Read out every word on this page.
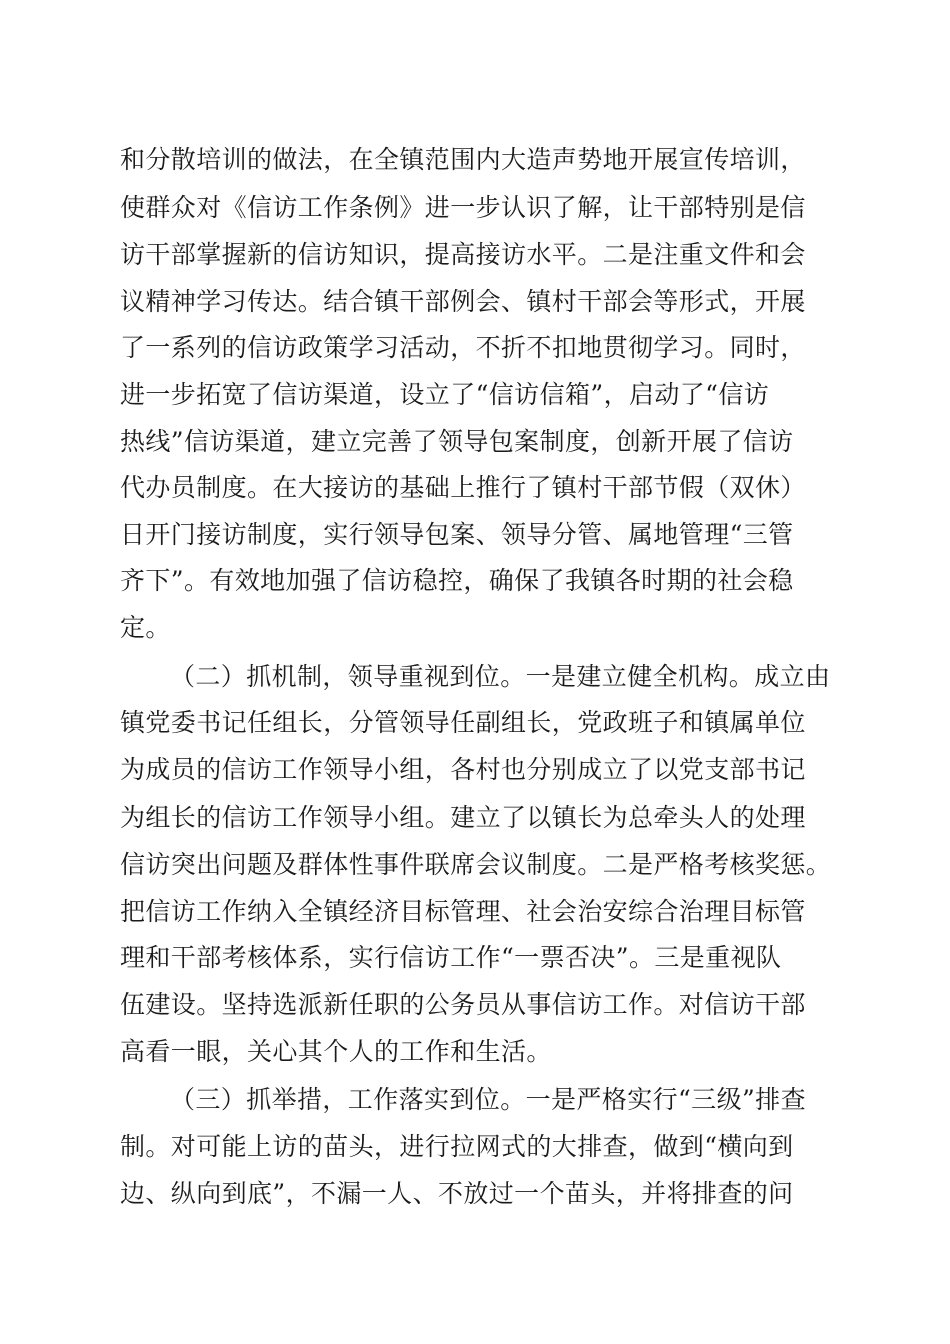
和分散培训的做法，在全镇范围内大造声势地开展宣传培训，
使群众对《信访工作条例》进一步认识了解，让干部特别是信
访干部掌握新的信访知识，提高接访水平。二是注重文件和会
议精神学习传达。结合镇干部例会、镇村干部会等形式，开展
了一系列的信访政策学习活动，不折不扣地贯彻学习。同时，
进一步拓宽了信访渠道，设立了“信访信箱”，启动了“信访
热线”信访渠道，建立完善了领导包案制度，创新开展了信访
代办员制度。在大接访的基础上推行了镇村干部节假（双休）
日开门接访制度，实行领导包案、领导分管、属地管理“三管
齐下”。有效地加强了信访稳控，确保了我镇各时期的社会稳
定。
（二）抓机制，领导重视到位。一是建立健全机构。成立由
镇党委书记任组长，分管领导任副组长，党政班子和镇属单位
为成员的信访工作领导小组，各村也分别成立了以党支部书记
为组长的信访工作领导小组。建立了以镇长为总牵头人的处理
信访突出问题及群体性事件联席会议制度。二是严格考核奖惩。
把信访工作纳入全镇经济目标管理、社会治安综合治理目标管
理和干部考核体系，实行信访工作“一票否决”。三是重视队
伍建设。坚持选派新任职的公务员从事信访工作。对信访干部
高看一眼，关心其个人的工作和生活。
（三）抓举措，工作落实到位。一是严格实行“三级”排查
制。对可能上访的苗头，进行拉网式的大排查，做到“横向到
边、纵向到底”，不漏一人、不放过一个苗头，并将排查的问
